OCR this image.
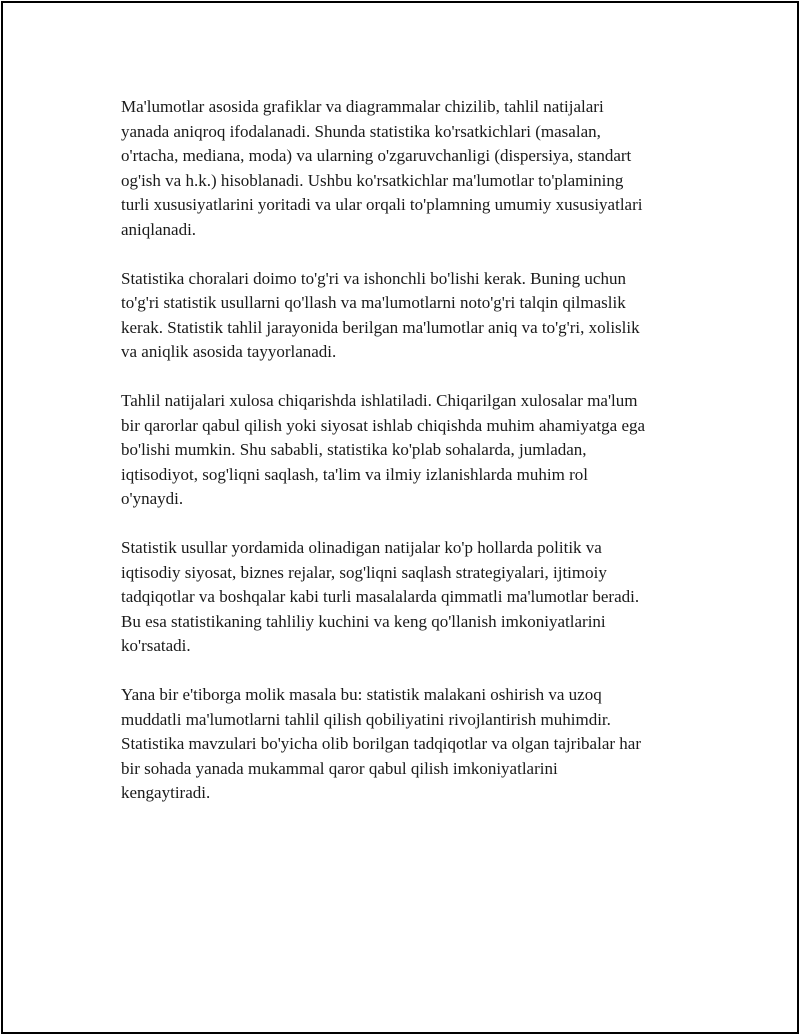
Ma'lumotlar asosida grafiklar va diagrammalar chizilib, tahlil natijalari
yanada aniqroq ifodalanadi. Shunda statistika ko'rsatkichlari (masalan,
o'rtacha, mediana, moda) va ularning o'zgaruvchanligi (dispersiya, standart
og'ish va h.k.) hisoblanadi. Ushbu ko'rsatkichlar ma'lumotlar to'plamining
turli xususiyatlarini yoritadi va ular orqali to'plamning umumiy xususiyatlari
aniqlanadi.

Statistika choralari doimo to'g'ri va ishonchli bo'lishi kerak. Buning uchun
to'g'ri statistik usullarni qo'llash va ma'lumotlarni noto'g'ri talqin qilmaslik
kerak. Statistik tahlil jarayonida berilgan ma'lumotlar aniq va to'g'ri, xolislik
va aniqlik asosida tayyorlanadi.

Tahlil natijalari xulosa chiqarishda ishlatiladi. Chiqarilgan xulosalar ma'lum
bir qarorlar qabul qilish yoki siyosat ishlab chiqishda muhim ahamiyatga ega
bo'lishi mumkin. Shu sababli, statistika ko'plab sohalarda, jumladan,
iqtisodiyot, sog'liqni saqlash, ta'lim va ilmiy izlanishlarda muhim rol
o'ynaydi.

Statistik usullar yordamida olinadigan natijalar ko'p hollarda politik va
iqtisodiy siyosat, biznes rejalar, sog'liqni saqlash strategiyalari, ijtimoiy
tadqiqotlar va boshqalar kabi turli masalalarda qimmatli ma'lumotlar beradi.
Bu esa statistikaning tahliliy kuchini va keng qo'llanish imkoniyatlarini
ko'rsatadi.

Yana bir e'tiborga molik masala bu: statistik malakani oshirish va uzoq
muddatli ma'lumotlarni tahlil qilish qobiliyatini rivojlantirish muhimdir.
Statistika mavzulari bo'yicha olib borilgan tadqiqotlar va olgan tajribalar har
bir sohada yanada mukammal qaror qabul qilish imkoniyatlarini
kengaytiradi.
